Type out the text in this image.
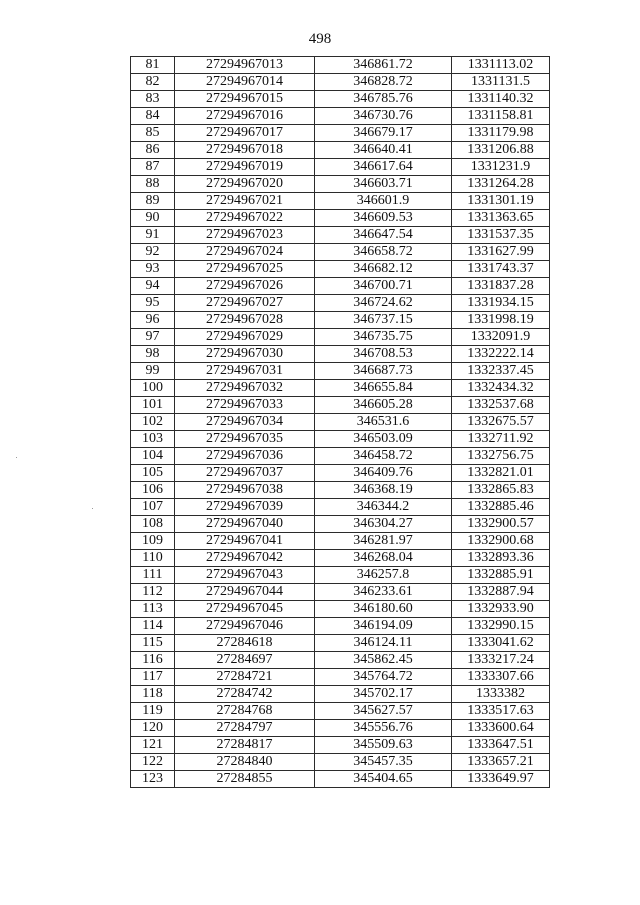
498
81	27294967013	346861.72	1331113.02
82	27294967014	346828.72	1331131.5
83	27294967015	346785.76	1331140.32
84	27294967016	346730.76	1331158.81
85	27294967017	346679.17	1331179.98
86	27294967018	346640.41	1331206.88
87	27294967019	346617.64	1331231.9
88	27294967020	346603.71	1331264.28
89	27294967021	346601.9	1331301.19
90	27294967022	346609.53	1331363.65
91	27294967023	346647.54	1331537.35
92	27294967024	346658.72	1331627.99
93	27294967025	346682.12	1331743.37
94	27294967026	346700.71	1331837.28
95	27294967027	346724.62	1331934.15
96	27294967028	346737.15	1331998.19
97	27294967029	346735.75	1332091.9
98	27294967030	346708.53	1332222.14
99	27294967031	346687.73	1332337.45
100	27294967032	346655.84	1332434.32
101	27294967033	346605.28	1332537.68
102	27294967034	346531.6	1332675.57
103	27294967035	346503.09	1332711.92
104	27294967036	346458.72	1332756.75
105	27294967037	346409.76	1332821.01
106	27294967038	346368.19	1332865.83
107	27294967039	346344.2	1332885.46
108	27294967040	346304.27	1332900.57
109	27294967041	346281.97	1332900.68
110	27294967042	346268.04	1332893.36
111	27294967043	346257.8	1332885.91
112	27294967044	346233.61	1332887.94
113	27294967045	346180.60	1332933.90
114	27294967046	346194.09	1332990.15
115	27284618	346124.11	1333041.62
116	27284697	345862.45	1333217.24
117	27284721	345764.72	1333307.66
118	27284742	345702.17	1333382
119	27284768	345627.57	1333517.63
120	27284797	345556.76	1333600.64
121	27284817	345509.63	1333647.51
122	27284840	345457.35	1333657.21
123	27284855	345404.65	1333649.97
